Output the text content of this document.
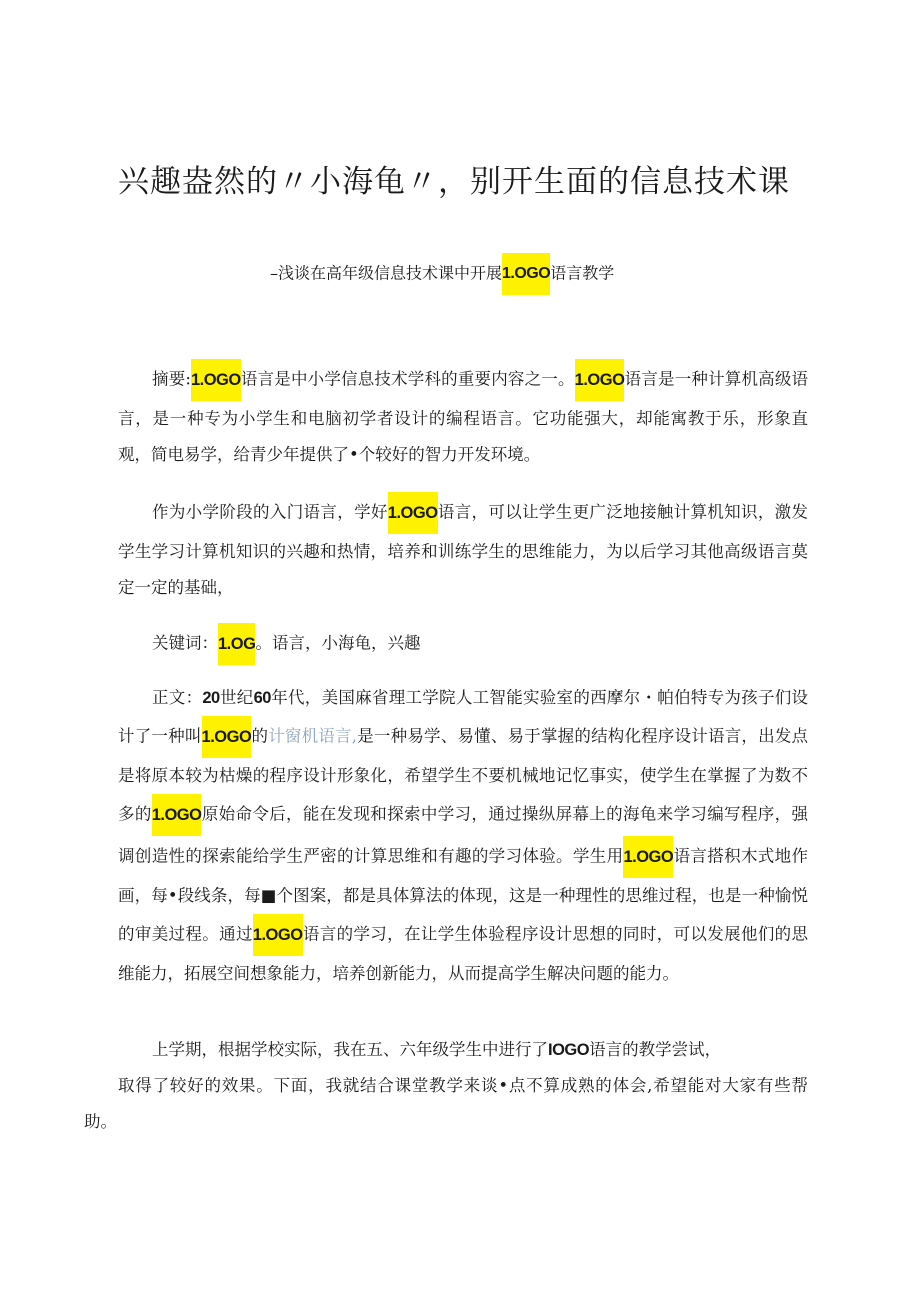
兴趣盎然的〃小海龟〃，别开生面的信息技术课

–浅谈在高年级信息技术课中开展1.OGO语言教学

摘要:1.OGO语言是中小学信息技术学科的重要内容之一。1.OGO语言是一种计算机高级语言，是一种专为小学生和电脑初学者设计的编程语言。它功能强大，却能寓教于乐，形象直观，简电易学，给青少年提供了•个较好的智力开发环境。

作为小学阶段的入门语言，学好1.OGO语言，可以让学生更广泛地接触计算机知识，激发学生学习计算机知识的兴趣和热情，培养和训练学生的思维能力，为以后学习其他高级语言莫定一定的基础，

关键词：1.OG。语言，小海龟，兴趣

正文：20世纪60年代，美国麻省理工学院人工智能实验室的西摩尔・帕伯特专为孩子们设计了一种叫1.OGO的计窗机语言,是一种易学、易懂、易于掌握的结构化程序设计语言，出发点是将原本较为枯燥的程序设计形象化，希望学生不要机械地记忆事实，使学生在掌握了为数不多的1.OGO原始命令后，能在发现和探索中学习，通过操纵屏幕上的海龟来学习编写程序，强调创造性的探索能给学生严密的计算思维和有趣的学习体验。学生用1.OGO语言搭积木式地作画，每•段线条，每■个图案，都是具体算法的体现，这是一种理性的思维过程，也是一种愉悦的审美过程。通过1.OGO语言的学习，在让学生体验程序设计思想的同时，可以发展他们的思维能力，拓展空间想象能力，培养创新能力，从而提高学生解决问题的能力。

上学期，根据学校实际，我在五、六年级学生中进行了IOGO语言的教学尝试，
取得了较好的效果。下面，我就结合课堂教学来谈•点不算成熟的体会,希望能对大家有些帮助。
